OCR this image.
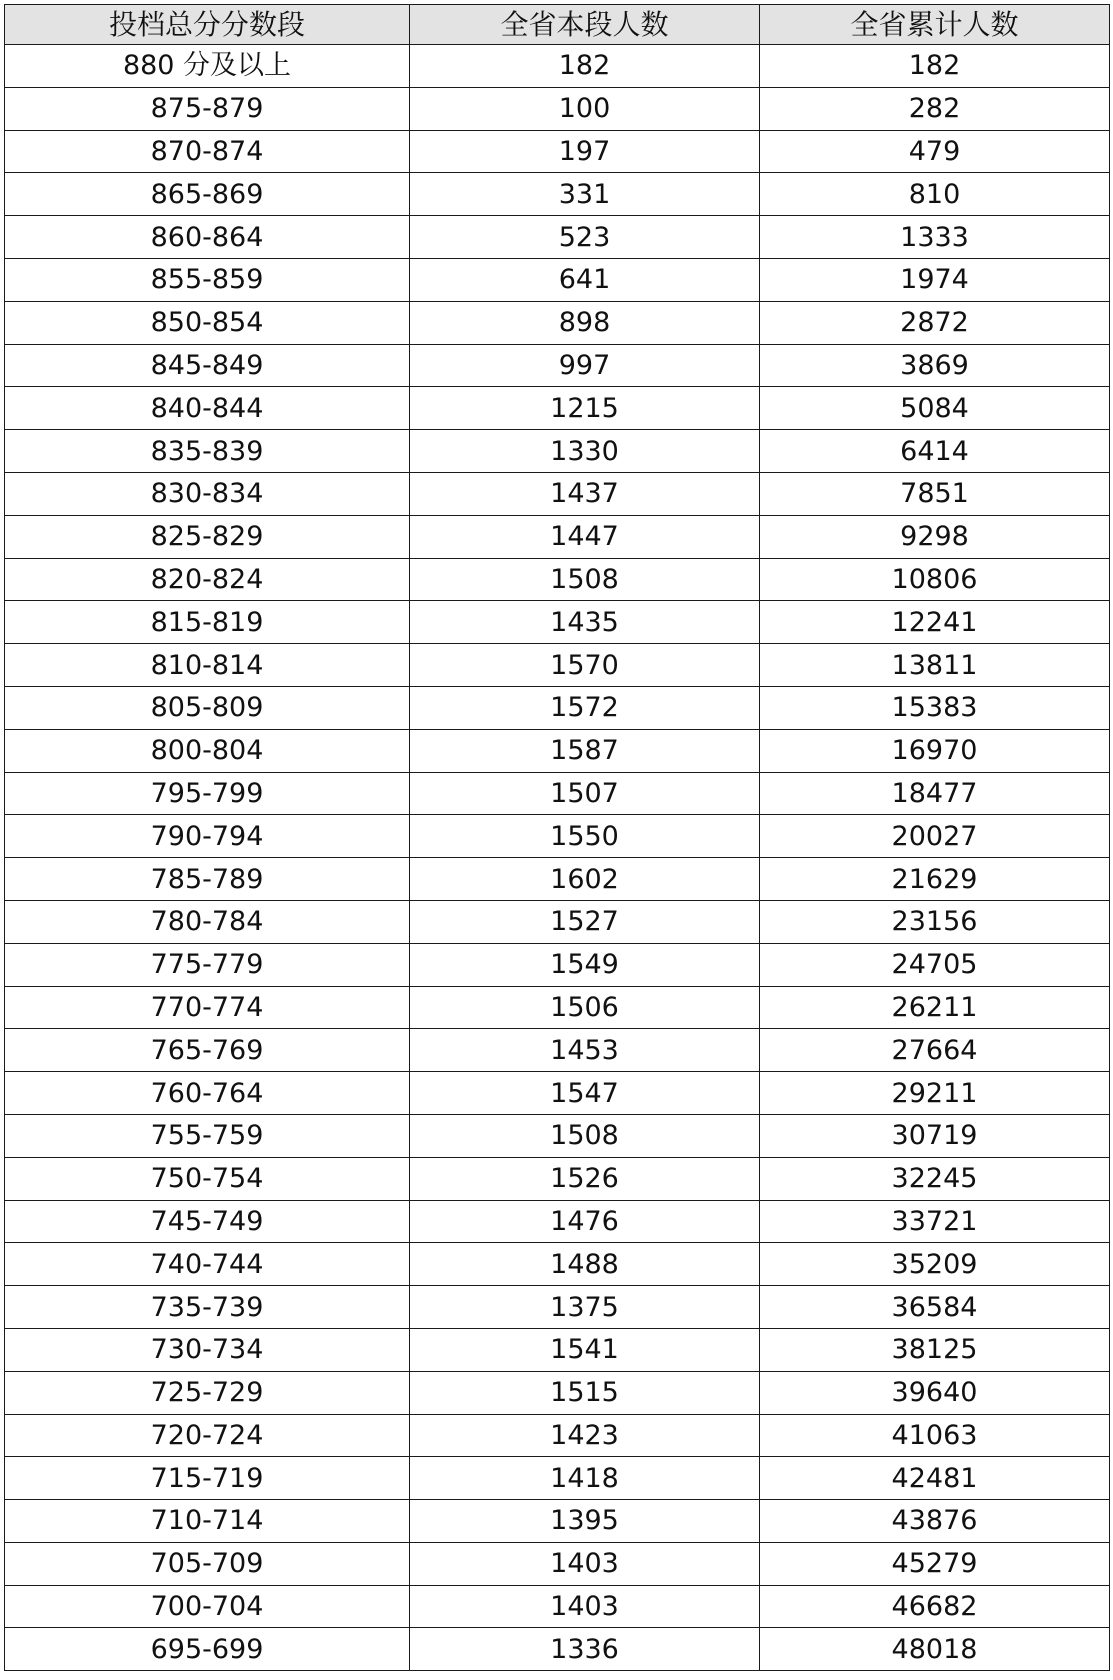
投档总分分数段	全省本段人数	全省累计人数
880 分及以上	182	182
875-879	100	282
870-874	197	479
865-869	331	810
860-864	523	1333
855-859	641	1974
850-854	898	2872
845-849	997	3869
840-844	1215	5084
835-839	1330	6414
830-834	1437	7851
825-829	1447	9298
820-824	1508	10806
815-819	1435	12241
810-814	1570	13811
805-809	1572	15383
800-804	1587	16970
795-799	1507	18477
790-794	1550	20027
785-789	1602	21629
780-784	1527	23156
775-779	1549	24705
770-774	1506	26211
765-769	1453	27664
760-764	1547	29211
755-759	1508	30719
750-754	1526	32245
745-749	1476	33721
740-744	1488	35209
735-739	1375	36584
730-734	1541	38125
725-729	1515	39640
720-724	1423	41063
715-719	1418	42481
710-714	1395	43876
705-709	1403	45279
700-704	1403	46682
695-699	1336	48018
